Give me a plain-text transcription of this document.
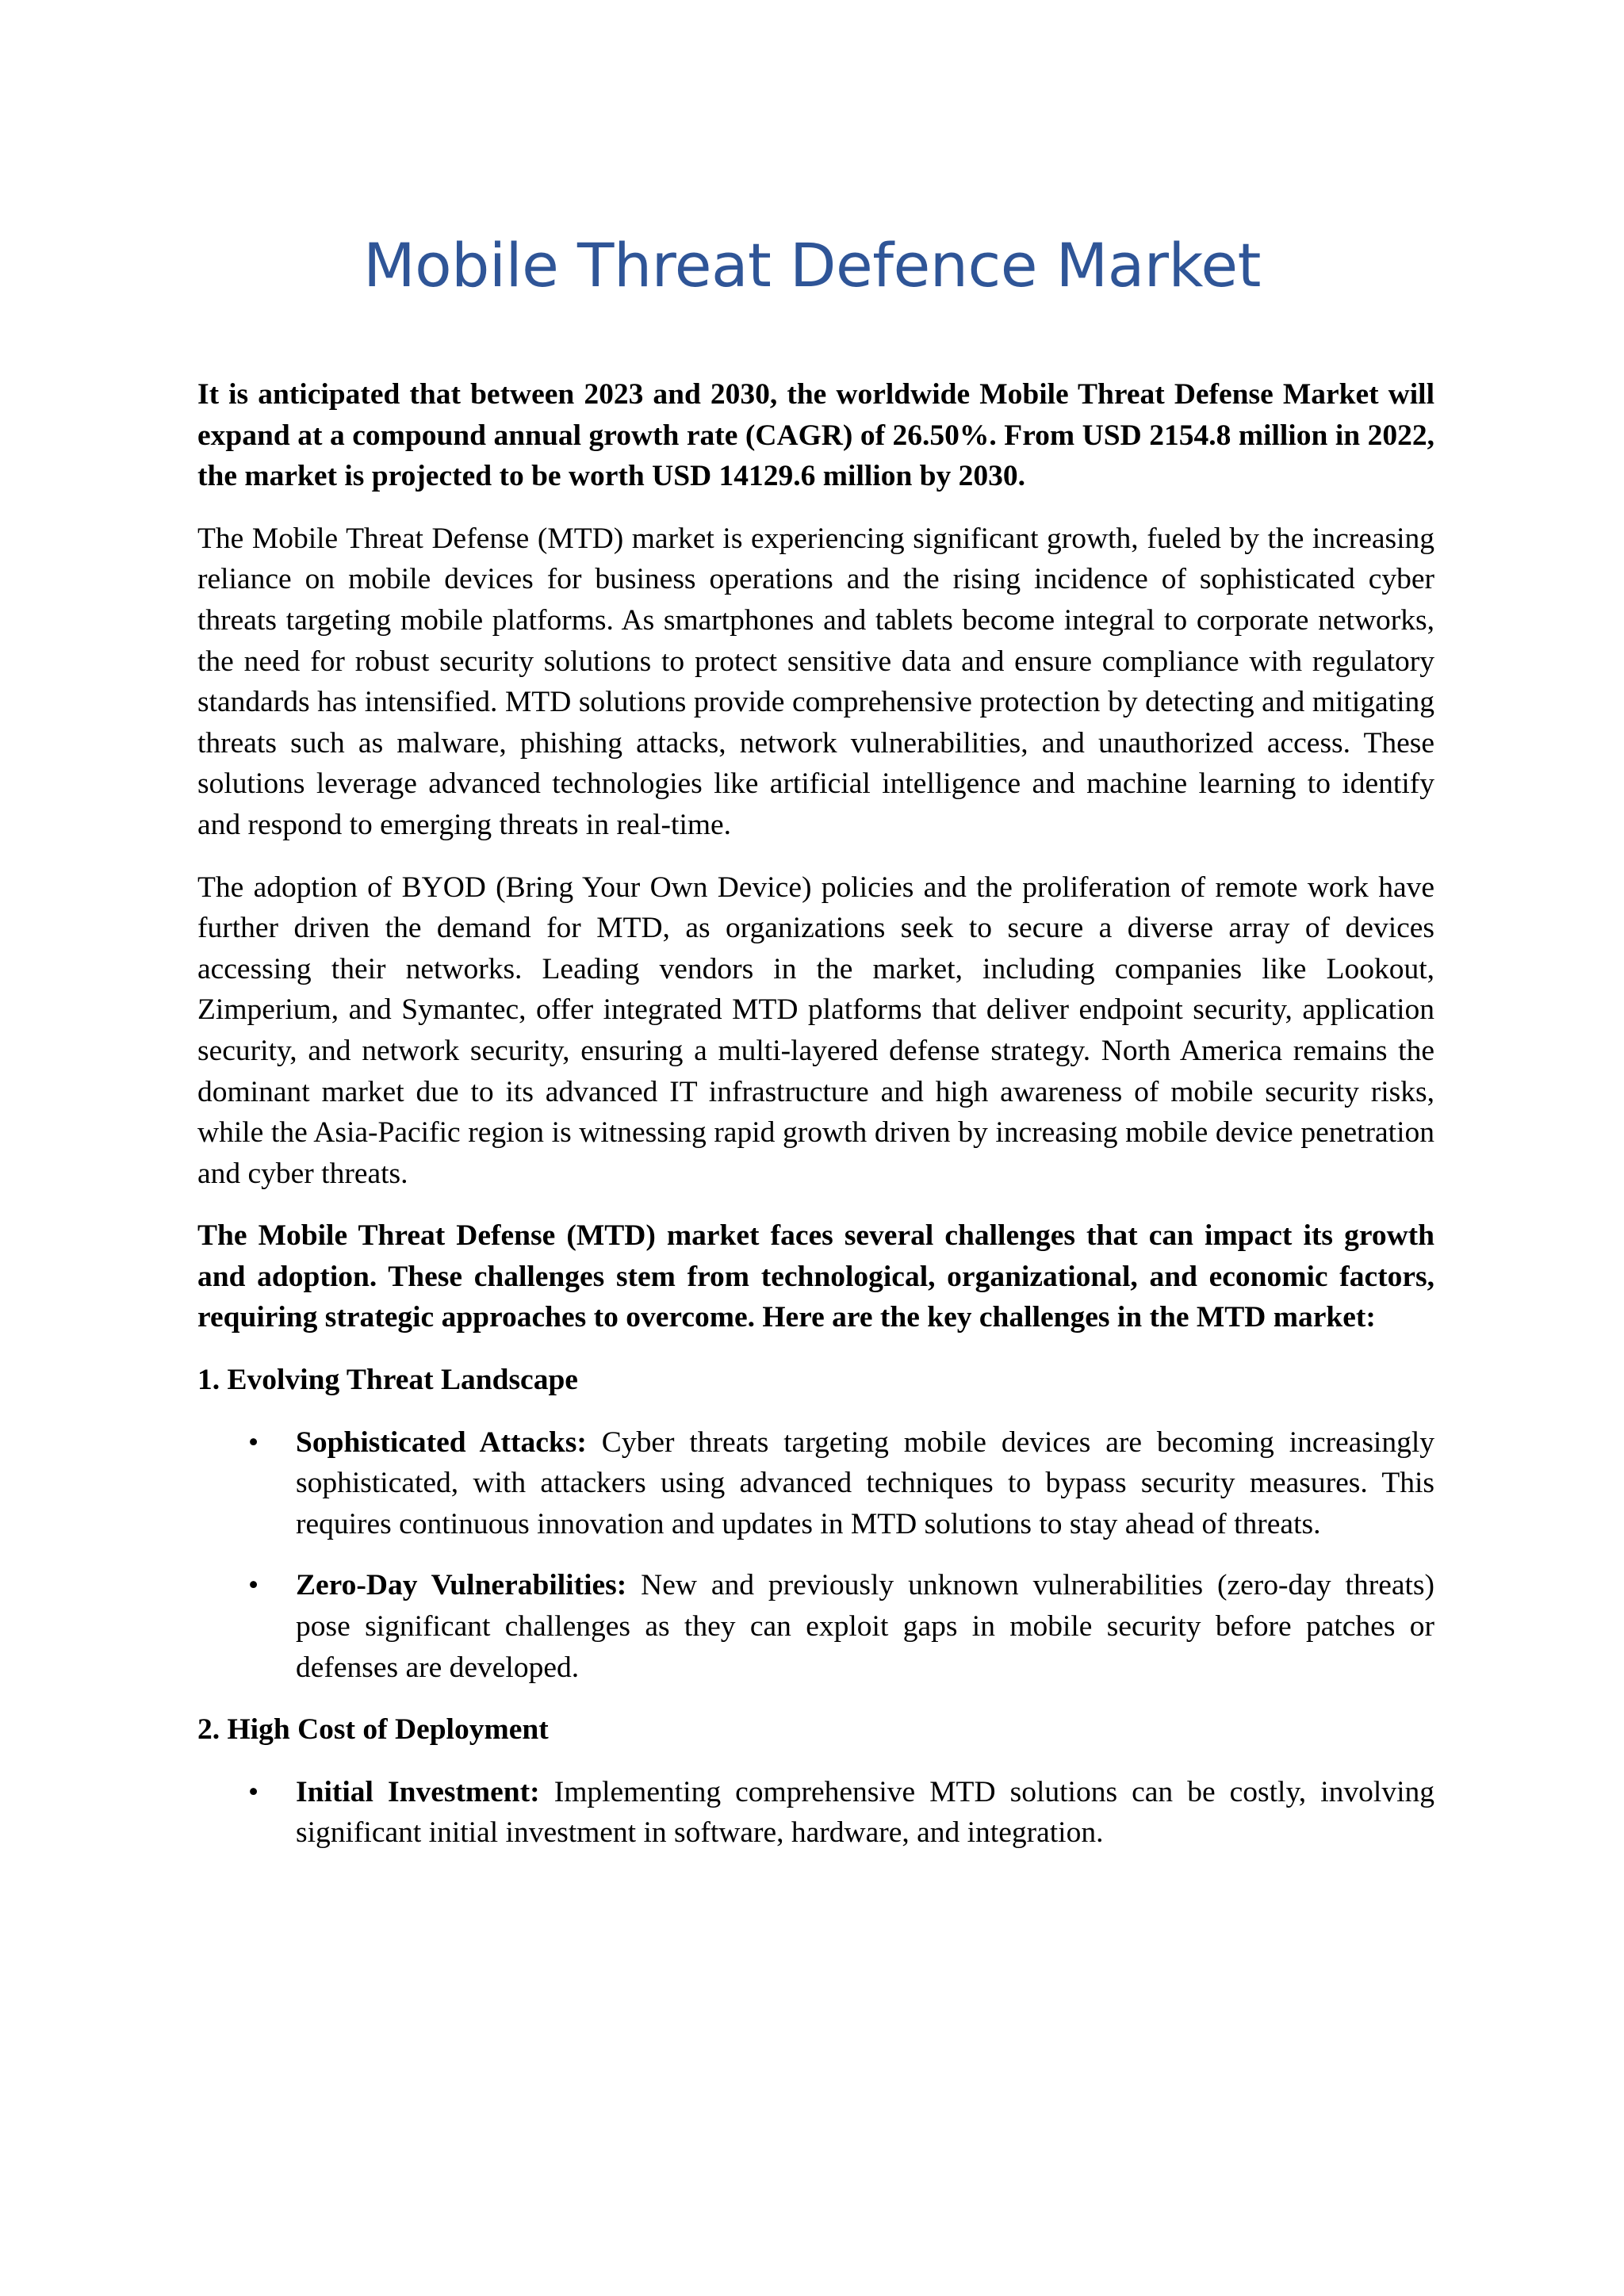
Mobile Threat Defence Market

It is anticipated that between 2023 and 2030, the worldwide Mobile Threat Defense Market will expand at a compound annual growth rate (CAGR) of 26.50%. From USD 2154.8 million in 2022, the market is projected to be worth USD 14129.6 million by 2030.

The Mobile Threat Defense (MTD) market is experiencing significant growth, fueled by the increasing reliance on mobile devices for business operations and the rising incidence of sophisticated cyber threats targeting mobile platforms. As smartphones and tablets become integral to corporate networks, the need for robust security solutions to protect sensitive data and ensure compliance with regulatory standards has intensified. MTD solutions provide comprehensive protection by detecting and mitigating threats such as malware, phishing attacks, network vulnerabilities, and unauthorized access. These solutions leverage advanced technologies like artificial intelligence and machine learning to identify and respond to emerging threats in real-time.

The adoption of BYOD (Bring Your Own Device) policies and the proliferation of remote work have further driven the demand for MTD, as organizations seek to secure a diverse array of devices accessing their networks. Leading vendors in the market, including companies like Lookout, Zimperium, and Symantec, offer integrated MTD platforms that deliver endpoint security, application security, and network security, ensuring a multi-layered defense strategy. North America remains the dominant market due to its advanced IT infrastructure and high awareness of mobile security risks, while the Asia-Pacific region is witnessing rapid growth driven by increasing mobile device penetration and cyber threats.

The Mobile Threat Defense (MTD) market faces several challenges that can impact its growth and adoption. These challenges stem from technological, organizational, and economic factors, requiring strategic approaches to overcome. Here are the key challenges in the MTD market:

1. Evolving Threat Landscape
• Sophisticated Attacks: Cyber threats targeting mobile devices are becoming increasingly sophisticated, with attackers using advanced techniques to bypass security measures. This requires continuous innovation and updates in MTD solutions to stay ahead of threats.
• Zero-Day Vulnerabilities: New and previously unknown vulnerabilities (zero-day threats) pose significant challenges as they can exploit gaps in mobile security before patches or defenses are developed.
2. High Cost of Deployment
• Initial Investment: Implementing comprehensive MTD solutions can be costly, involving significant initial investment in software, hardware, and integration.
